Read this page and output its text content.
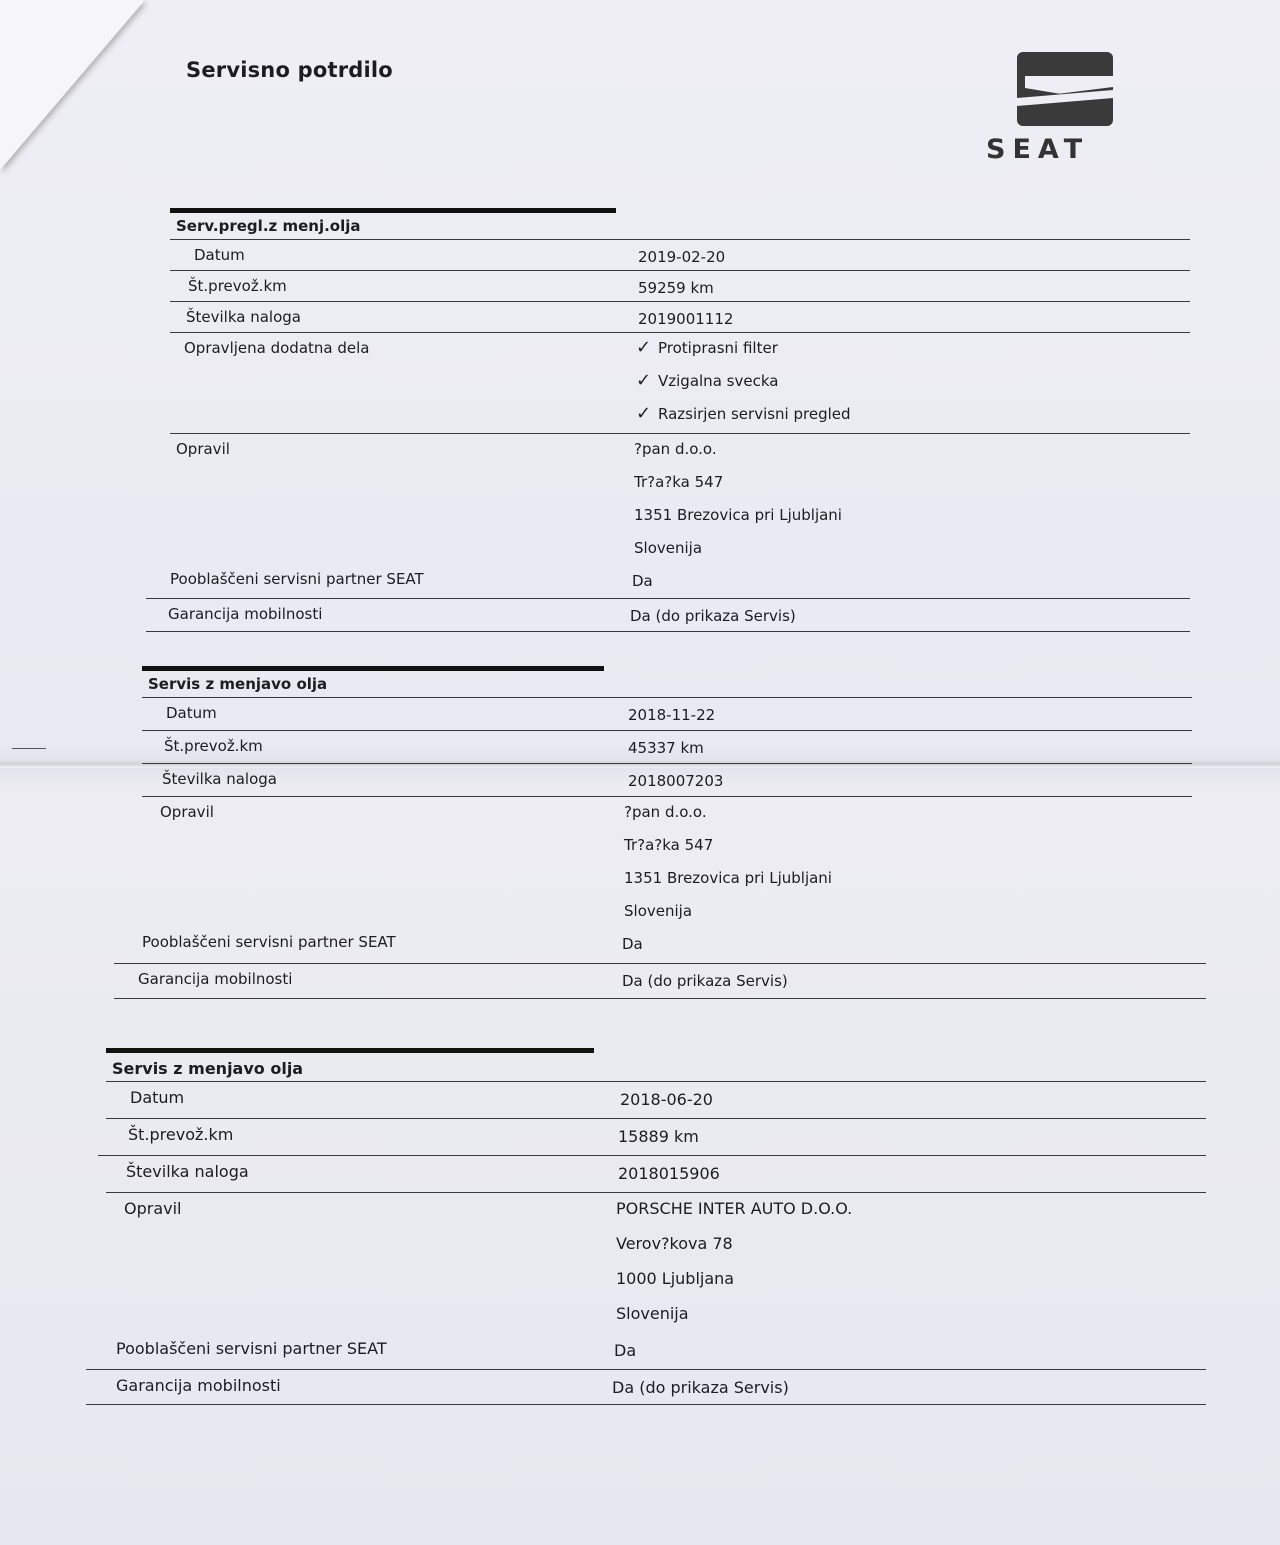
Servisno potrdilo
SEAT
Serv.pregl.z menj.olja
Datum	2019-02-20
Št.prevož.km	59259 km
Številka naloga	2019001112
Opravljena dodatna dela	✓ Protiprasni filter
✓ Vzigalna svecka
✓ Razsirjen servisni pregled
Opravil	?pan d.o.o.
Tr?a?ka 547
1351 Brezovica pri Ljubljani
Slovenija
Pooblaščeni servisni partner SEAT	Da
Garancija mobilnosti	Da (do prikaza Servis)
Servis z menjavo olja
Datum	2018-11-22
Št.prevož.km	45337 km
Številka naloga	2018007203
Opravil	?pan d.o.o.
Tr?a?ka 547
1351 Brezovica pri Ljubljani
Slovenija
Pooblaščeni servisni partner SEAT	Da
Garancija mobilnosti	Da (do prikaza Servis)
Servis z menjavo olja
Datum	2018-06-20
Št.prevož.km	15889 km
Številka naloga	2018015906
Opravil	PORSCHE INTER AUTO D.O.O.
Verov?kova 78
1000 Ljubljana
Slovenija
Pooblaščeni servisni partner SEAT	Da
Garancija mobilnosti	Da (do prikaza Servis)
